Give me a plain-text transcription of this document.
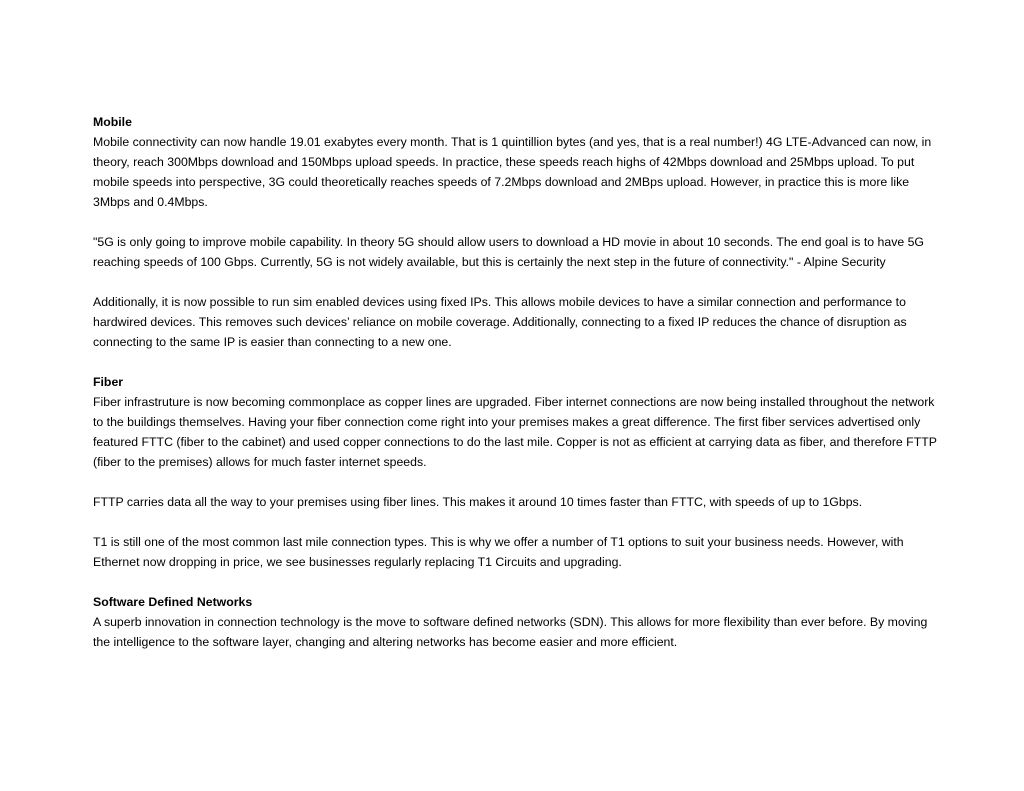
Mobile

Mobile connectivity can now handle 19.01 exabytes every month. That is 1 quintillion bytes (and yes, that is a real number!) 4G LTE-Advanced can now, in theory, reach 300Mbps download and 150Mbps upload speeds. In practice, these speeds reach highs of 42Mbps download and 25Mbps upload. To put mobile speeds into perspective, 3G could theoretically reaches speeds of 7.2Mbps download and 2MBps upload. However, in practice this is more like 3Mbps and 0.4Mbps.

"5G is only going to improve mobile capability. In theory 5G should allow users to download a HD movie in about 10 seconds. The end goal is to have 5G reaching speeds of 100 Gbps. Currently, 5G is not widely available, but this is certainly the next step in the future of connectivity." - Alpine Security

Additionally, it is now possible to run sim enabled devices using fixed IPs. This allows mobile devices to have a similar connection and performance to hardwired devices. This removes such devices’ reliance on mobile coverage. Additionally, connecting to a fixed IP reduces the chance of disruption as connecting to the same IP is easier than connecting to a new one.

Fiber

Fiber infrastruture is now becoming commonplace as copper lines are upgraded. Fiber internet connections are now being installed throughout the network to the buildings themselves. Having your fiber connection come right into your premises makes a great difference. The first fiber services advertised only featured FTTC (fiber to the cabinet) and used copper connections to do the last mile. Copper is not as efficient at carrying data as fiber, and therefore FTTP (fiber to the premises) allows for much faster internet speeds.

FTTP carries data all the way to your premises using fiber lines. This makes it around 10 times faster than FTTC, with speeds of up to 1Gbps.

T1 is still one of the most common last mile connection types. This is why we offer a number of T1 options to suit your business needs. However, with Ethernet now dropping in price, we see businesses regularly replacing T1 Circuits and upgrading.

Software Defined Networks

A superb innovation in connection technology is the move to software defined networks (SDN). This allows for more flexibility than ever before. By moving the intelligence to the software layer, changing and altering networks has become easier and more efficient.
